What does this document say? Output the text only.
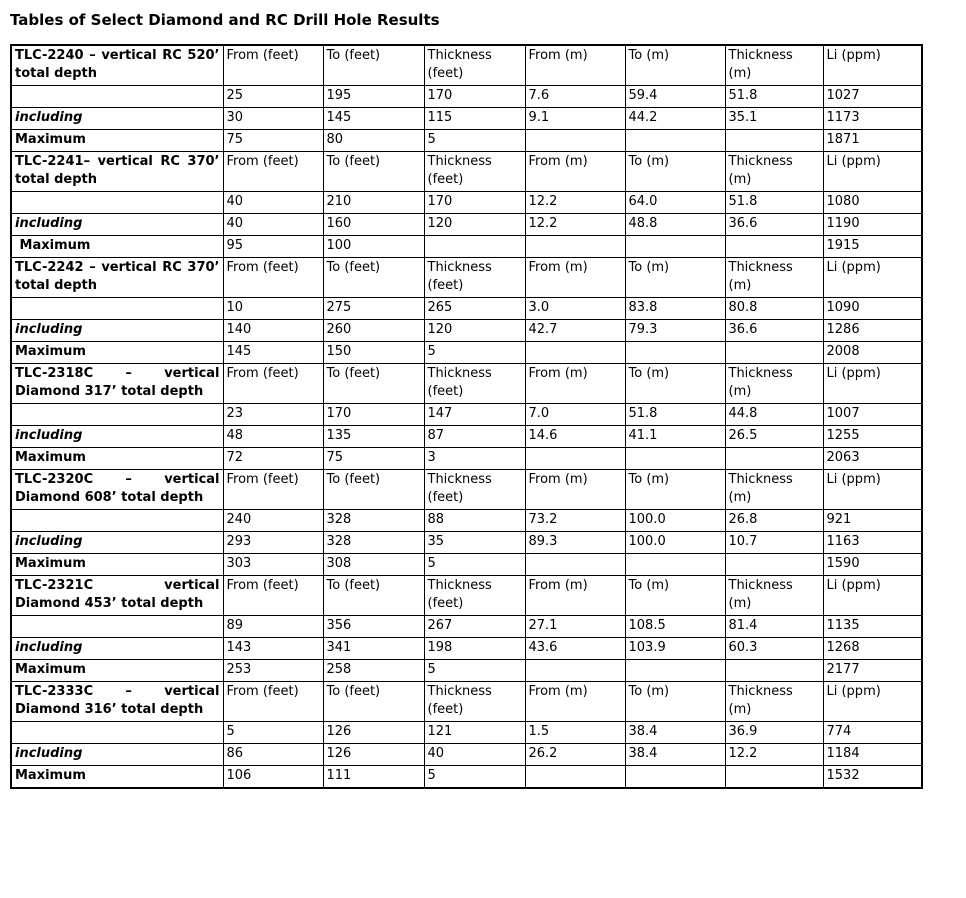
Tables of Select Diamond and RC Drill Hole Results
TLC-2240 – vertical RC 520’ total depth	From (feet)	To (feet)	Thickness (feet)	From (m)	To (m)	Thickness (m)	Li (ppm)
	25	195	170	7.6	59.4	51.8	1027
including	30	145	115	9.1	44.2	35.1	1173
Maximum	75	80	5				1871
TLC-2241– vertical RC 370’ total depth	From (feet)	To (feet)	Thickness (feet)	From (m)	To (m)	Thickness (m)	Li (ppm)
	40	210	170	12.2	64.0	51.8	1080
including	40	160	120	12.2	48.8	36.6	1190
Maximum	95	100					1915
TLC-2242 – vertical RC 370’ total depth	From (feet)	To (feet)	Thickness (feet)	From (m)	To (m)	Thickness (m)	Li (ppm)
	10	275	265	3.0	83.8	80.8	1090
including	140	260	120	42.7	79.3	36.6	1286
Maximum	145	150	5				2008
TLC-2318C – vertical Diamond 317’ total depth	From (feet)	To (feet)	Thickness (feet)	From (m)	To (m)	Thickness (m)	Li (ppm)
	23	170	147	7.0	51.8	44.8	1007
including	48	135	87	14.6	41.1	26.5	1255
Maximum	72	75	3				2063
TLC-2320C – vertical Diamond 608’ total depth	From (feet)	To (feet)	Thickness (feet)	From (m)	To (m)	Thickness (m)	Li (ppm)
	240	328	88	73.2	100.0	26.8	921
including	293	328	35	89.3	100.0	10.7	1163
Maximum	303	308	5				1590
TLC-2321C vertical Diamond 453’ total depth	From (feet)	To (feet)	Thickness (feet)	From (m)	To (m)	Thickness (m)	Li (ppm)
	89	356	267	27.1	108.5	81.4	1135
including	143	341	198	43.6	103.9	60.3	1268
Maximum	253	258	5				2177
TLC-2333C – vertical Diamond 316’ total depth	From (feet)	To (feet)	Thickness (feet)	From (m)	To (m)	Thickness (m)	Li (ppm)
	5	126	121	1.5	38.4	36.9	774
including	86	126	40	26.2	38.4	12.2	1184
Maximum	106	111	5				1532
